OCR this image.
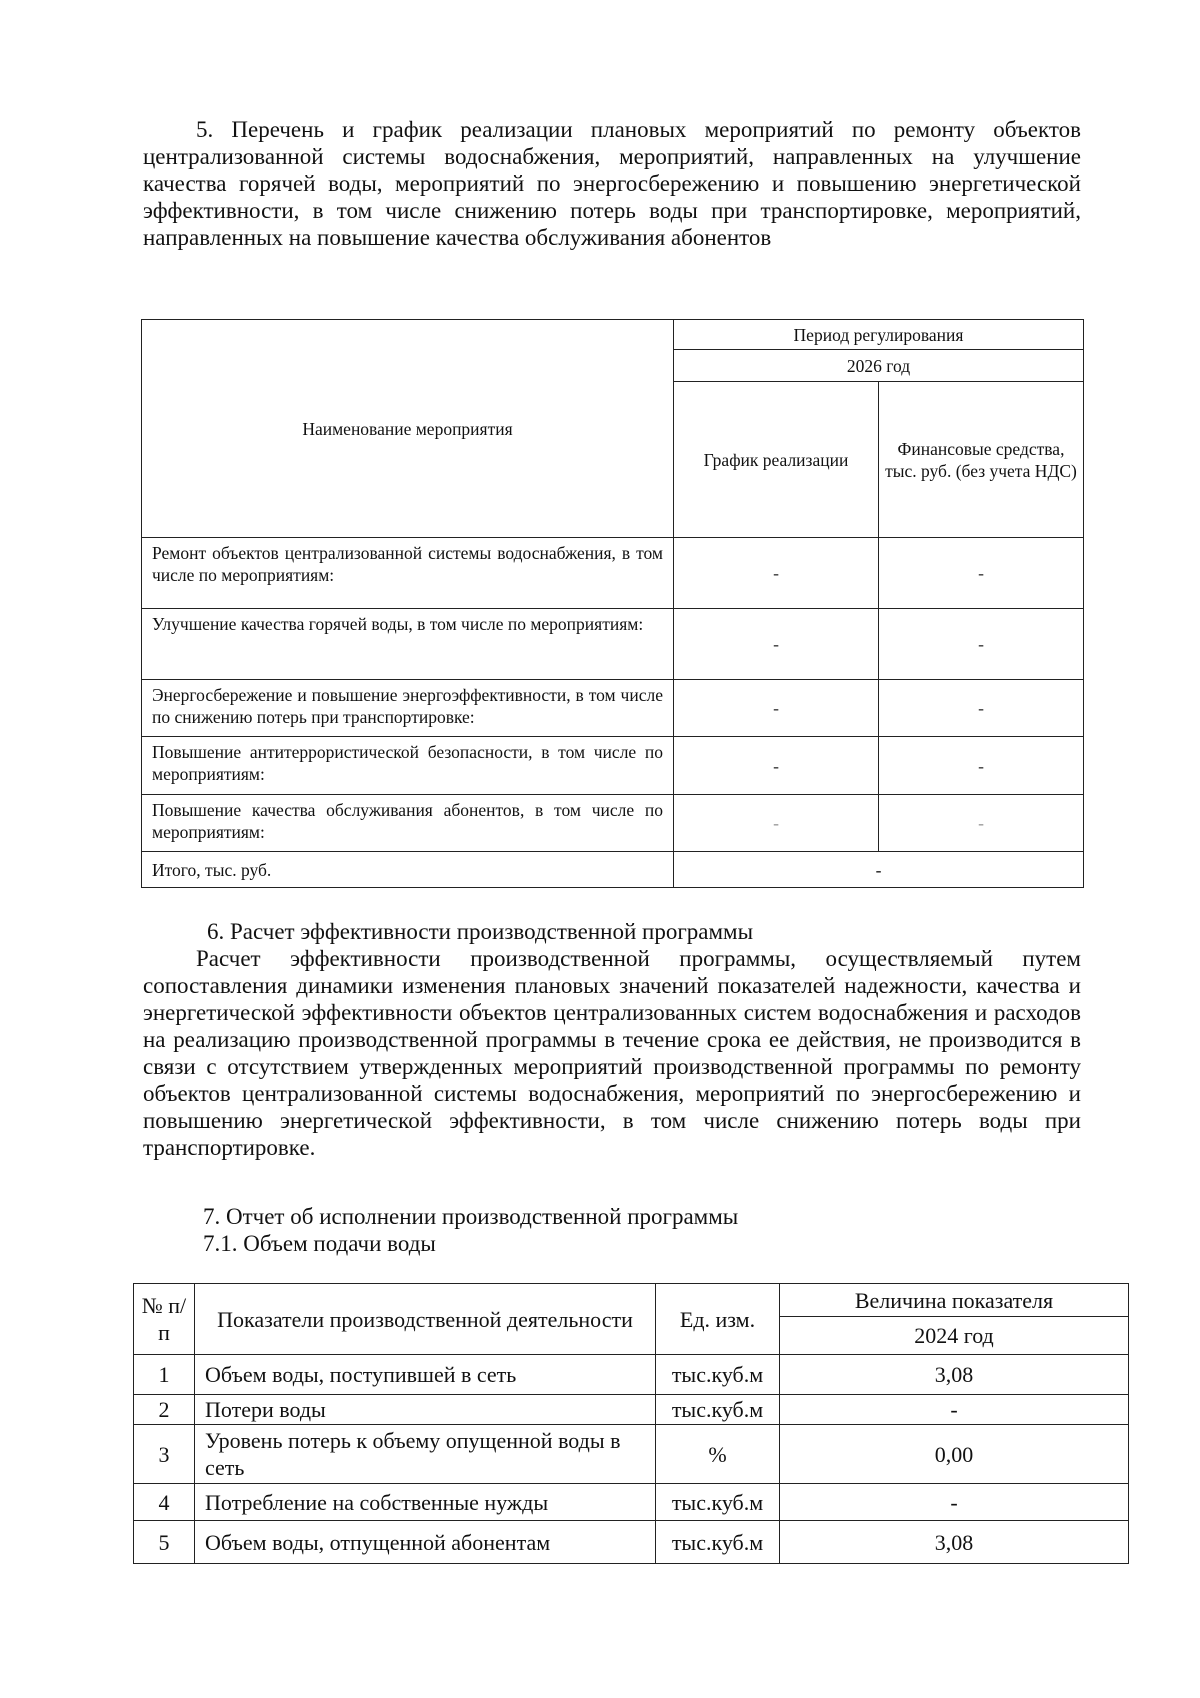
5. Перечень и график реализации плановых мероприятий по ремонту объектов централизованной системы водоснабжения, мероприятий, направленных на улучшение качества горячей воды, мероприятий по энергосбережению и повышению энергетической эффективности, в том числе снижению потерь воды при транспортировке, мероприятий, направленных на повышение качества обслуживания абонентов
Наименование мероприятия	Период регулирования	
	2026 год	
	График реализации	Финансовые средства, тыс. руб. (без учета НДС)
Ремонт объектов централизованной системы водоснабжения, в том числе по мероприятиям:	-	-
Улучшение качества горячей воды, в том числе по мероприятиям:	-	-
Энергосбережение и повышение энергоэффективности, в том числе по снижению потерь при транспортировке:	-	-
Повышение антитеррористической безопасности, в том числе по мероприятиям:	-	-
Повышение качества обслуживания абонентов, в том числе по мероприятиям:	-	-
Итого, тыс. руб.	-	
6. Расчет эффективности производственной программы
Расчет эффективности производственной программы, осуществляемый путем сопоставления динамики изменения плановых значений показателей надежности, качества и энергетической эффективности объектов централизованных систем водоснабжения и расходов на реализацию производственной программы в течение срока ее действия, не производится в связи с отсутствием утвержденных мероприятий производственной программы по ремонту объектов централизованной системы водоснабжения, мероприятий по энергосбережению и повышению энергетической эффективности, в том числе снижению потерь воды при транспортировке.
7. Отчет об исполнении производственной программы
7.1. Объем подачи воды
№ п/п	Показатели производственной деятельности	Ед. изм.	Величина показателя
			2024 год
1	Объем воды, поступившей в сеть	тыс.куб.м	3,08
2	Потери воды	тыс.куб.м	-
3	Уровень потерь к объему опущенной воды в сеть	%	0,00
4	Потребление на собственные нужды	тыс.куб.м	-
5	Объем воды, отпущенной абонентам	тыс.куб.м	3,08
